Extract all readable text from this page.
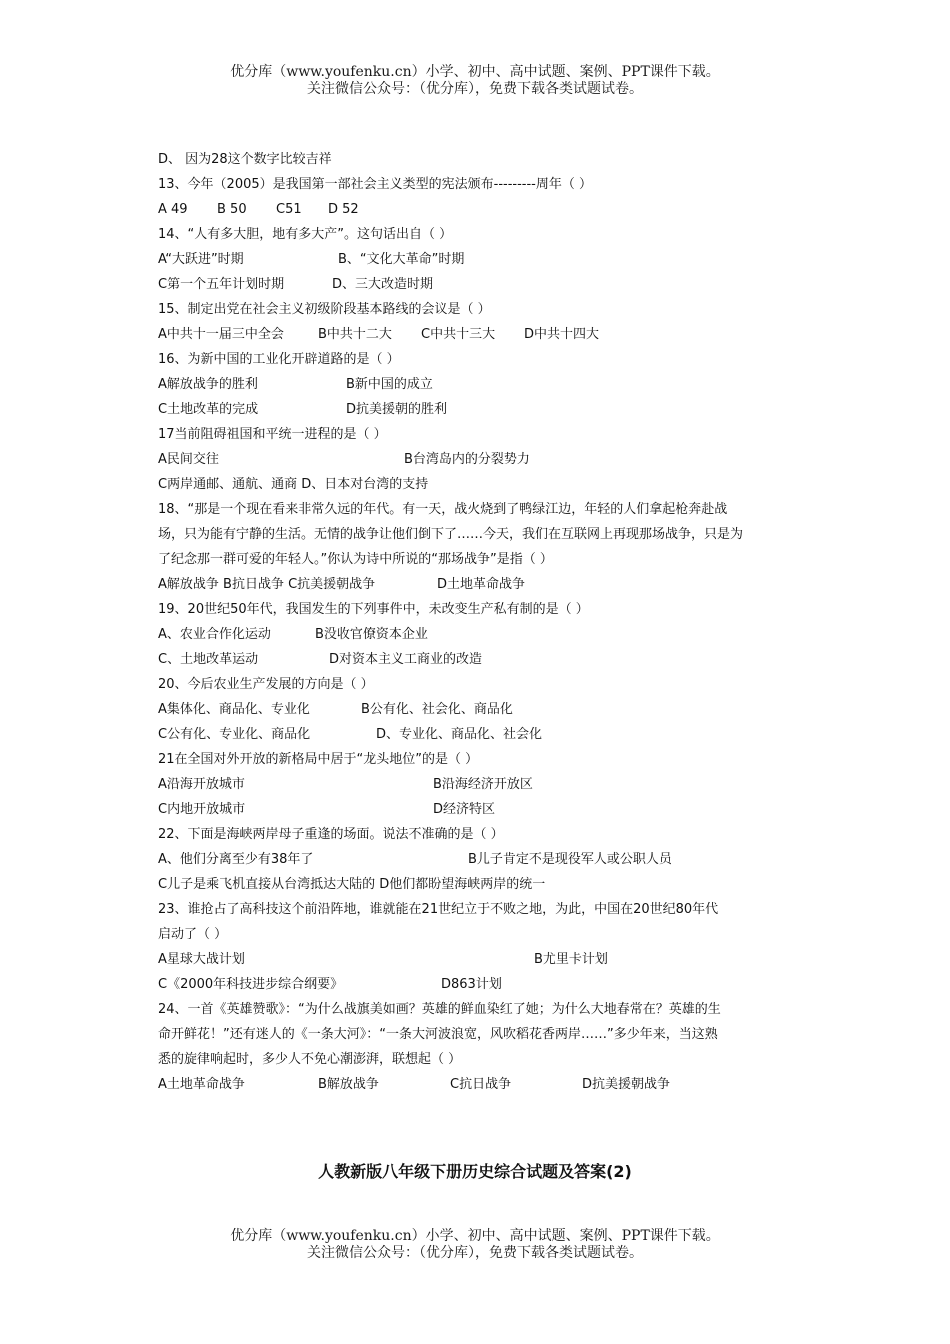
优分库（www.youfenku.cn）小学、初中、高中试题、案例、PPT课件下载。
关注微信公众号：（优分库），免费下载各类试题试卷。
D、 因为28这个数字比较吉祥
13、今年（2005）是我国第一部社会主义类型的宪法颁布---------周年（ ）
A 49 B 50 C51 D 52
14、“人有多大胆，地有多大产”。这句话出自（ ）
A“大跃进”时期	B、“文化大革命”时期
C第一个五年计划时期	D、三大改造时期
15、制定出党在社会主义初级阶段基本路线的会议是（ ）
A中共十一届三中全会	B中共十二大 C中共十三大 D中共十四大
16、为新中国的工业化开辟道路的是（ ）
A解放战争的胜利	B新中国的成立
C土地改革的完成	D抗美援朝的胜利
17当前阻碍祖国和平统一进程的是（ ）
A民间交往	B台湾岛内的分裂势力
C两岸通邮、通航、通商 D、日本对台湾的支持
18、“那是一个现在看来非常久远的年代。有一天，战火烧到了鸭绿江边，年轻的人们拿起枪奔赴战
场，只为能有宁静的生活。无情的战争让他们倒下了……今天，我们在互联网上再现那场战争，只是为
了纪念那一群可爱的年轻人。”你认为诗中所说的“那场战争”是指（ ）
A解放战争 B抗日战争 C抗美援朝战争	D土地革命战争
19、20世纪50年代，我国发生的下列事件中，未改变生产私有制的是（ ）
A、农业合作化运动	B没收官僚资本企业
C、土地改革运动	D对资本主义工商业的改造
20、今后农业生产发展的方向是（ ）
A集体化、商品化、专业化	B公有化、社会化、商品化
C公有化、专业化、商品化	D、专业化、商品化、社会化
21在全国对外开放的新格局中居于“龙头地位”的是（ ）
A沿海开放城市	B沿海经济开放区
C内地开放城市	D经济特区
22、下面是海峡两岸母子重逢的场面。说法不准确的是（ ）
A、他们分离至少有38年了	B儿子肯定不是现役军人或公职人员
C儿子是乘飞机直接从台湾抵达大陆的 D他们都盼望海峡两岸的统一
23、谁抢占了高科技这个前沿阵地，谁就能在21世纪立于不败之地，为此，中国在20世纪80年代
启动了（ ）
A星球大战计划	B尤里卡计划
C《2000年科技进步综合纲要》	D863计划
24、一首《英雄赞歌》：“为什么战旗美如画？英雄的鲜血染红了她；为什么大地春常在？英雄的生
命开鲜花！”还有迷人的《一条大河》：“一条大河波浪宽，风吹稻花香两岸……”多少年来，当这熟
悉的旋律响起时，多少人不免心潮澎湃，联想起（ ）
A土地革命战争	B解放战争	C抗日战争	D抗美援朝战争
人教新版八年级下册历史综合试题及答案(2)
优分库（www.youfenku.cn）小学、初中、高中试题、案例、PPT课件下载。
关注微信公众号：（优分库），免费下载各类试题试卷。
